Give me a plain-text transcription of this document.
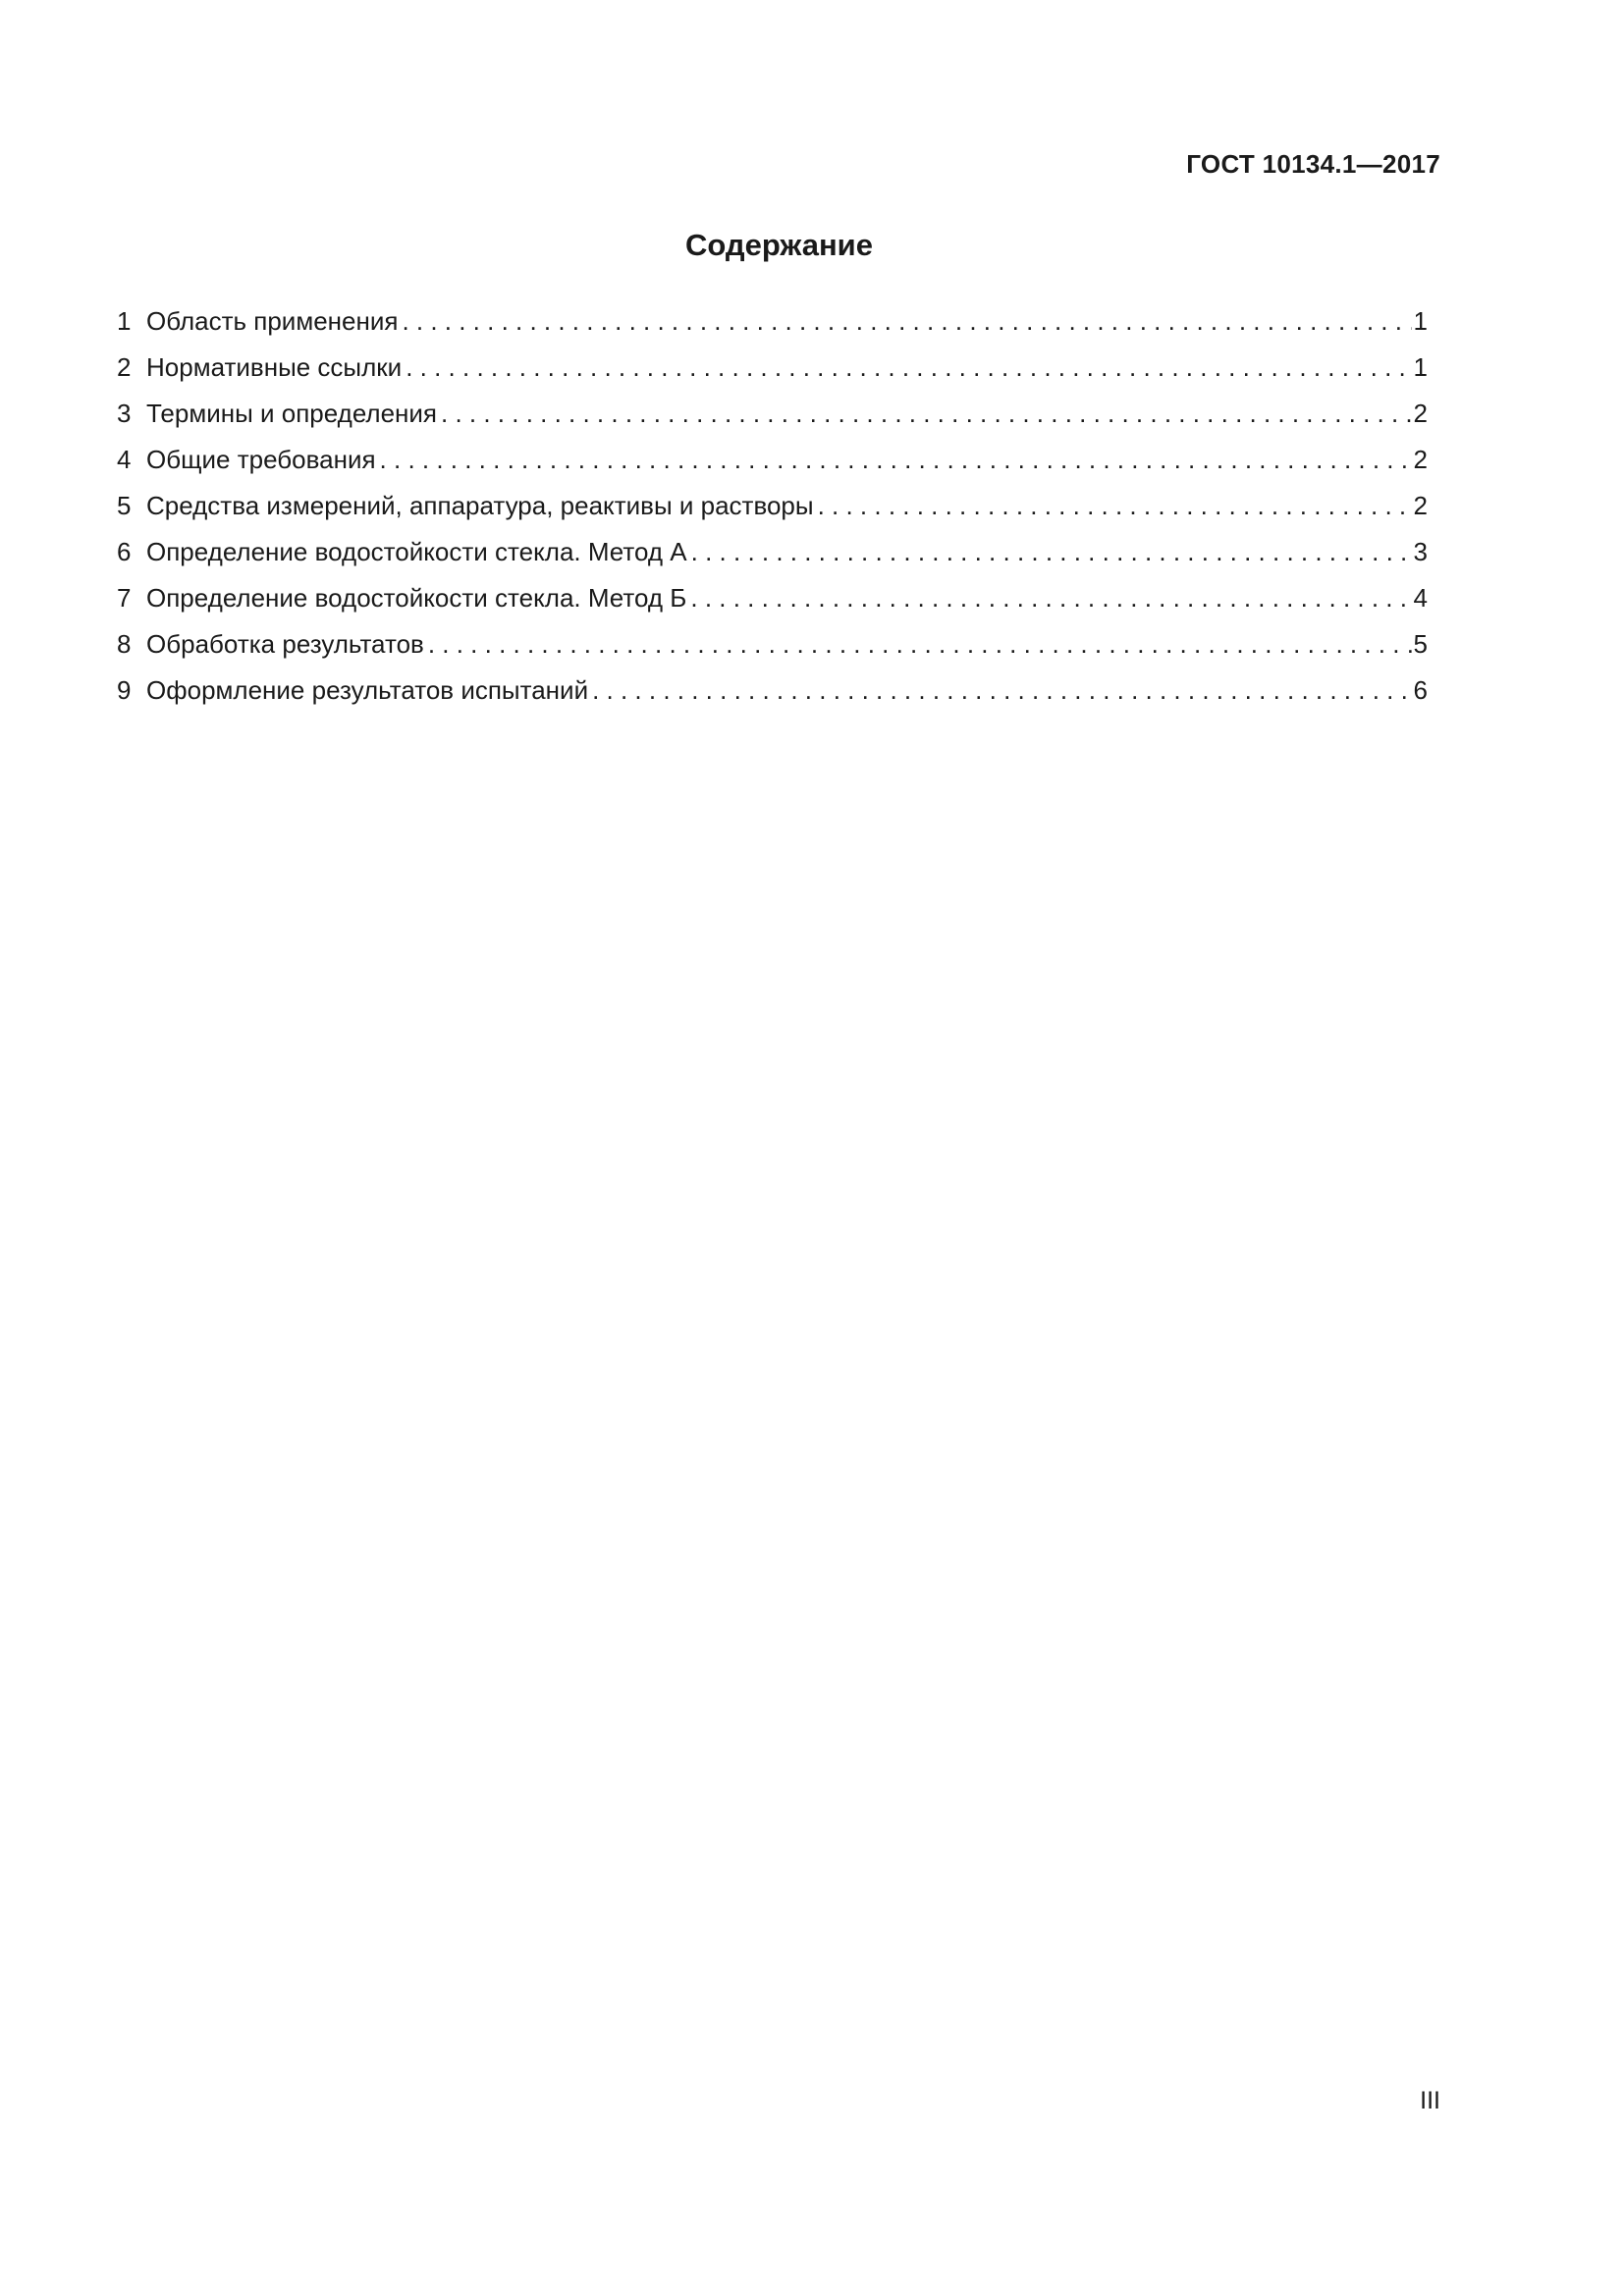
ГОСТ 10134.1—2017
Содержание
1 Область применения . . .	1
2 Нормативные ссылки . . .	1
3 Термины и определения . . .	2
4 Общие требования . . .	2
5 Средства измерений, аппаратура, реактивы и растворы . . .	2
6 Определение водостойкости стекла. Метод А . . .	3
7 Определение водостойкости стекла. Метод Б . . .	4
8 Обработка результатов . . .	5
9 Оформление результатов испытаний . . .	6
III
